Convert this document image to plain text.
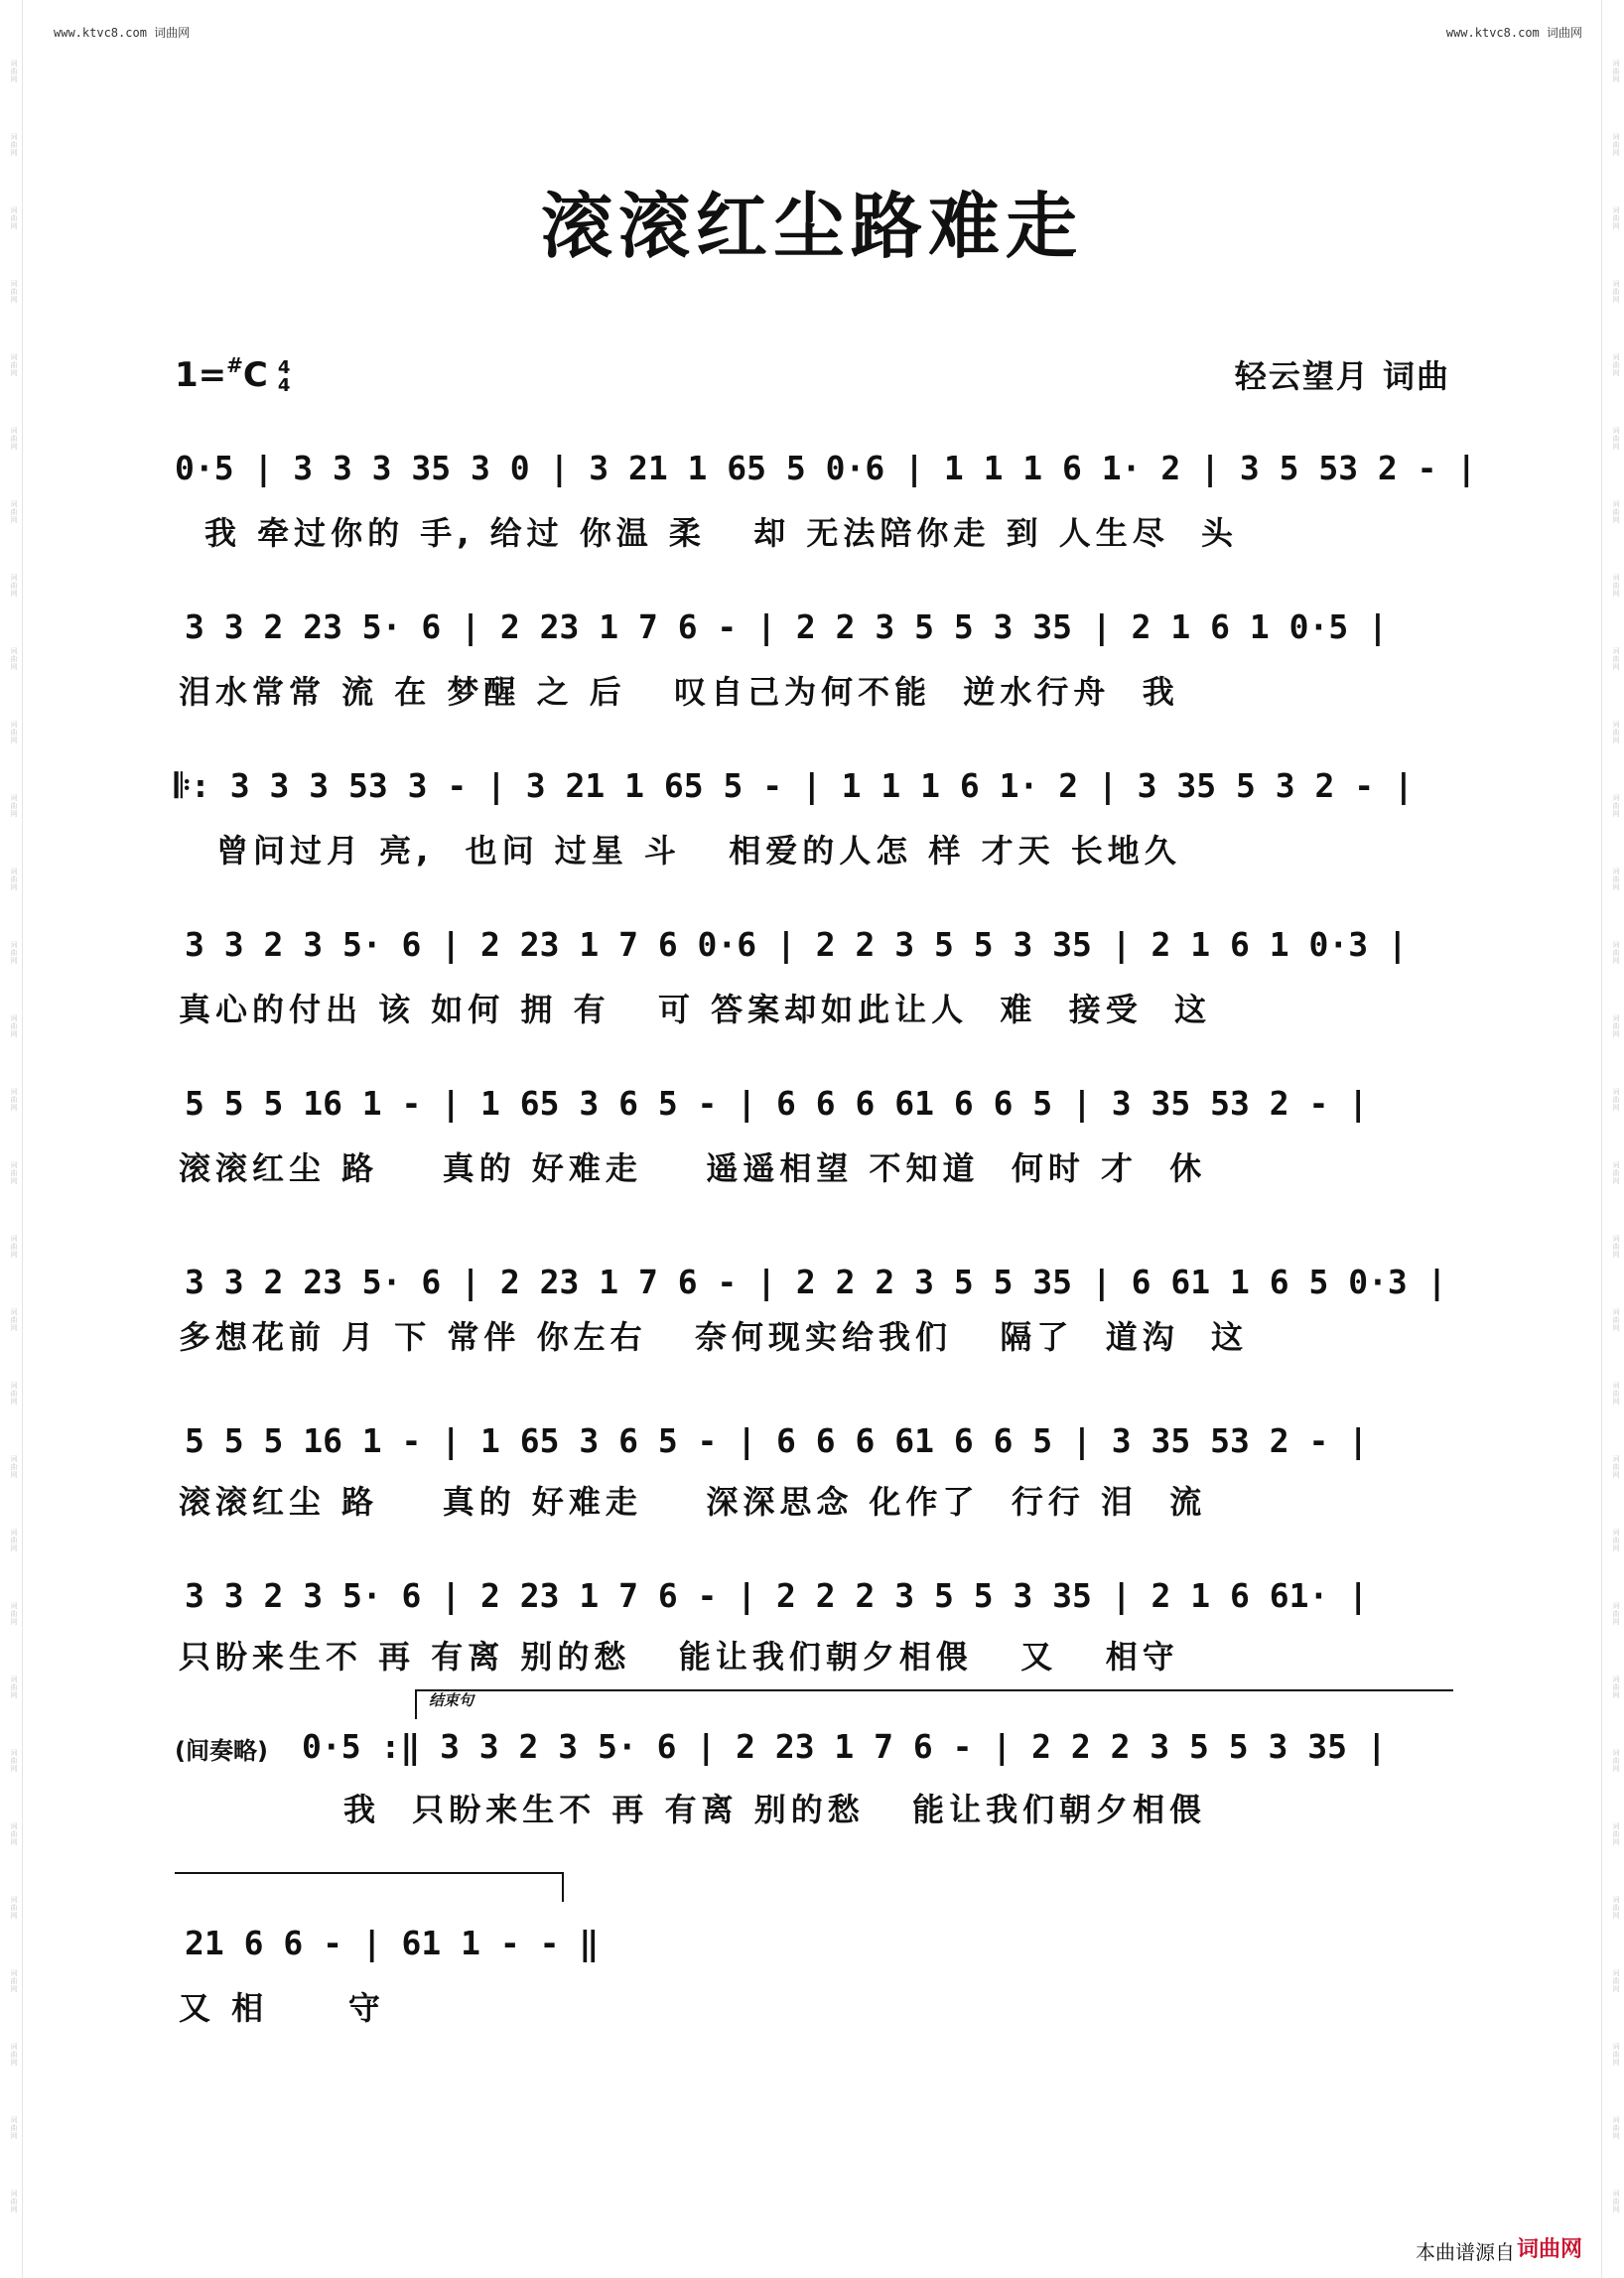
词曲网
词曲网
词曲网
词曲网
词曲网
词曲网
词曲网
词曲网
词曲网
词曲网
词曲网
词曲网
词曲网
词曲网
词曲网
词曲网
词曲网
词曲网
词曲网
词曲网
词曲网
词曲网
词曲网
词曲网
词曲网
词曲网
词曲网
词曲网
词曲网
词曲网
词曲网
词曲网
词曲网
词曲网
词曲网
词曲网
词曲网
词曲网
词曲网
词曲网
词曲网
词曲网
词曲网
词曲网
词曲网
词曲网
词曲网
词曲网
词曲网
词曲网
词曲网
词曲网
词曲网
词曲网
词曲网
词曲网
词曲网
词曲网
词曲网
词曲网
www.ktvc8.com 词曲网	www.ktvc8.com 词曲网
滚滚红尘路难走
1=#C 4
4	轻云望月 词曲
0·5 | 3 3 3 35 3 0 | 3 21 1 65 5 0·6 | 1 1 1 6 1· 2 | 3 5 53 2 - |
我 牵过你的 手, 给过 你温 柔   却 无法陪你走 到 人生尽  头
3 3 2 23 5· 6 | 2 23 1 7 6 - | 2 2 3 5 5 3 35 | 2 1 6 1 0·5 |
泪水常常 流 在 梦醒 之 后   叹自己为何不能  逆水行舟  我
𝄆: 3 3 3 53 3 - | 3 21 1 65 5 - | 1 1 1 6 1· 2 | 3 35 5 3 2 - |
曾问过月 亮,  也问 过星 斗   相爱的人怎 样 才天 长地久
3 3 2 3 5· 6 | 2 23 1 7 6 0·6 | 2 2 3 5 5 3 35 | 2 1 6 1 0·3 |
真心的付出 该 如何 拥 有   可 答案却如此让人  难  接受  这
5 5 5 16 1 - | 1 65 3 6 5 - | 6 6 6 61 6 6 5 | 3 35 53 2 - |
滚滚红尘 路    真的 好难走    遥遥相望 不知道  何时 才  休
3 3 2 23 5· 6 | 2 23 1 7 6 - | 2 2 2 3 5 5 35 | 6 61 1 6 5 0·3 |
多想花前 月 下 常伴 你左右   奈何现实给我们   隔了  道沟  这
5 5 5 16 1 - | 1 65 3 6 5 - | 6 6 6 61 6 6 5 | 3 35 53 2 - |
滚滚红尘 路    真的 好难走    深深思念 化作了  行行 泪  流
3 3 2 3 5· 6 | 2 23 1 7 6 - | 2 2 2 3 5 5 3 35 | 2 1 6 61· |
只盼来生不 再 有离 别的愁   能让我们朝夕相偎   又   相守
结束句
(间奏略) 0·5 :‖ 3 3 2 3 5· 6 | 2 23 1 7 6 - | 2 2 2 3 5 5 3 35 |
我  只盼来生不 再 有离 别的愁   能让我们朝夕相偎
21 6 6 - | 61 1 - - ‖
又 相     守
本曲谱源自 词曲网
